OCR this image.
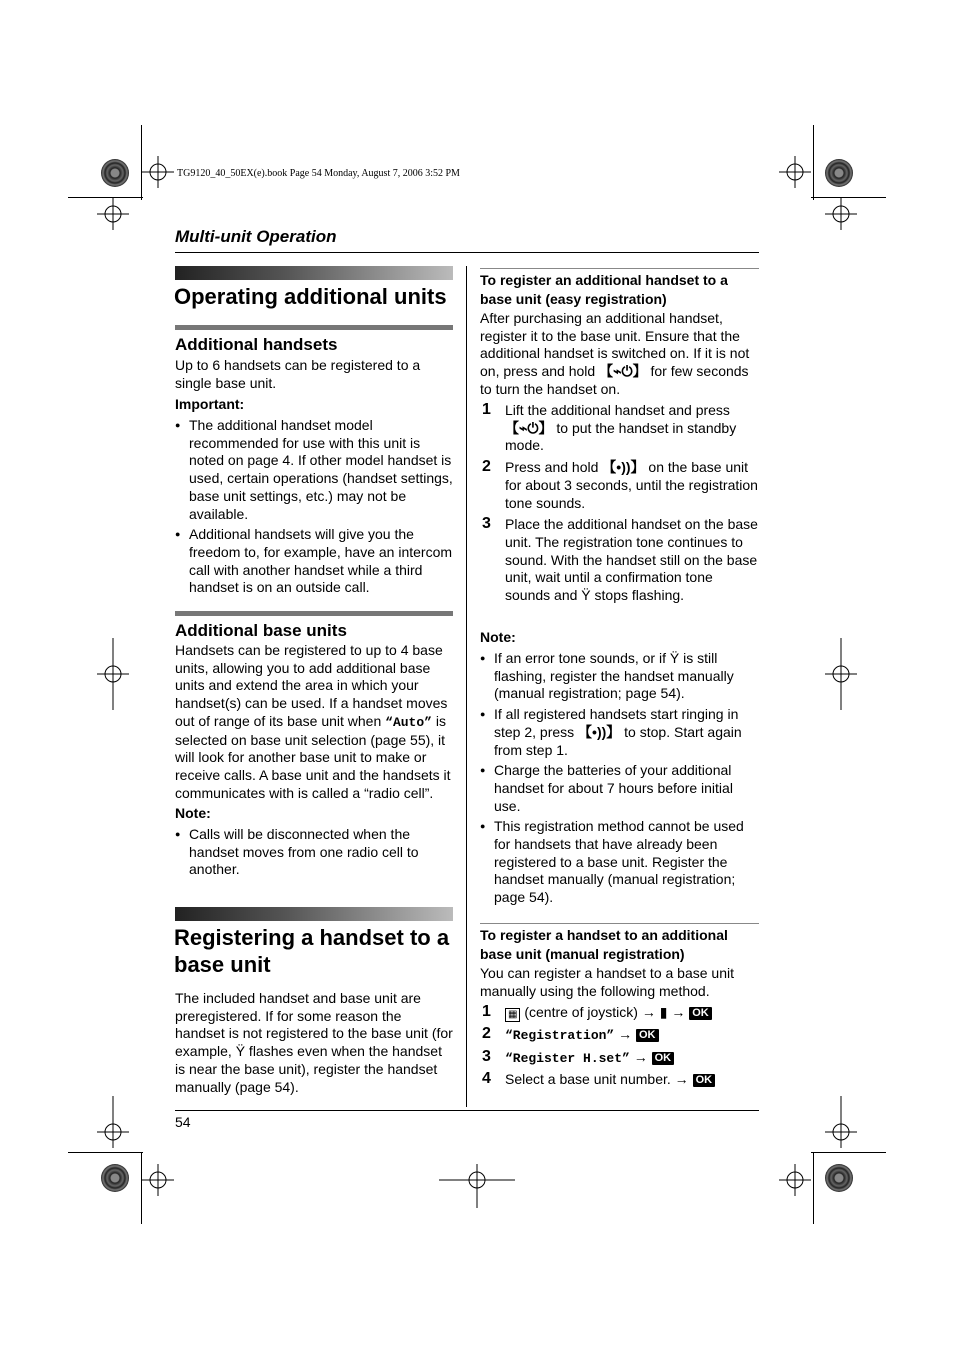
TG9120_40_50EX(e).book Page 54 Monday, August 7, 2006 3:52 PM
Multi-unit Operation
Operating additional units
Additional handsets
Up to 6 handsets can be registered to a single base unit.
Important:
● The additional handset model recommended for use with this unit is noted on page 4. If other model handset is used, certain operations (handset settings, base unit settings, etc.) may not be available.
● Additional handsets will give you the freedom to, for example, have an intercom call with another handset while a third handset is on an outside call.
Additional base units
Handsets can be registered to up to 4 base units, allowing you to add additional base units and extend the area in which your handset(s) can be used. If a handset moves out of range of its base unit when “Auto” is selected on base unit selection (page 55), it will look for another base unit to make or receive calls. A base unit and the handsets it communicates with is called a “radio cell”.
Note:
● Calls will be disconnected when the handset moves from one radio cell to another.
Registering a handset to a base unit
The included handset and base unit are preregistered. If for some reason the handset is not registered to the base unit (for example, Ÿ flashes even when the handset is near the base unit), register the handset manually (page 54).
To register an additional handset to a base unit (easy registration)
After purchasing an additional handset, register it to the base unit. Ensure that the additional handset is switched on. If it is not on, press and hold 【⌁⏻】 for few seconds to turn the handset on.
1 Lift the additional handset and press 【⌁⏻】 to put the handset in standby mode.
2 Press and hold 【•))】 on the base unit for about 3 seconds, until the registration tone sounds.
3 Place the additional handset on the base unit. The registration tone continues to sound. With the handset still on the base unit, wait until a confirmation tone sounds and Ÿ stops flashing.
Note:
● If an error tone sounds, or if Ÿ is still flashing, register the handset manually (manual registration; page 54).
● If all registered handsets start ringing in step 2, press 【•))】 to stop. Start again from step 1.
● Charge the batteries of your additional handset for about 7 hours before initial use.
● This registration method cannot be used for handsets that have already been registered to a base unit. Register the handset manually (manual registration; page 54).
To register a handset to an additional base unit (manual registration)
You can register a handset to a base unit manually using the following method.
1 ▦ (centre of joystick) → ▮ → OK
2 “Registration” → OK
3 “Register H.set” → OK
4 Select a base unit number. → OK
54
